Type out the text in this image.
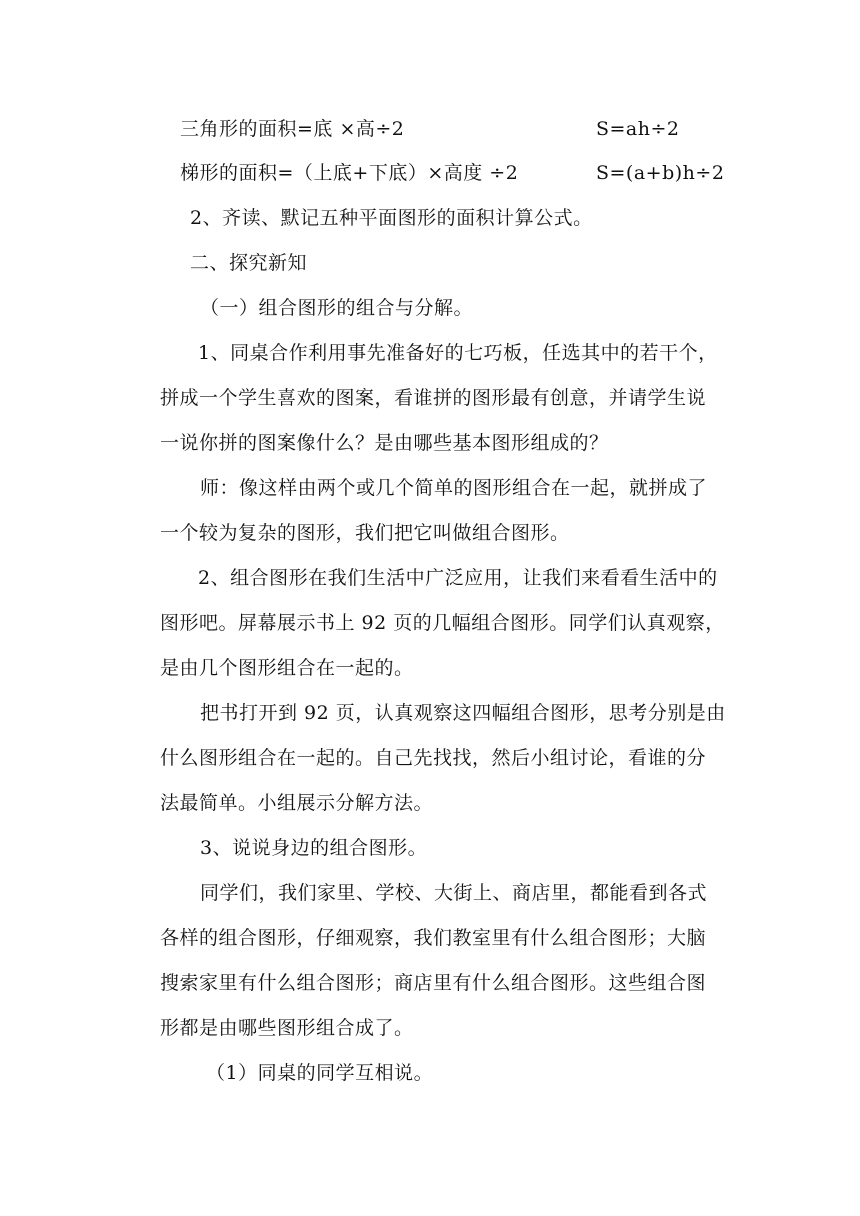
三角形的面积=底 ×高÷2	S=ah÷2
梯形的面积=（上底+下底）×高度 ÷2	S=(a+b)h÷2
2、齐读、默记五种平面图形的面积计算公式。
二、探究新知
（一）组合图形的组合与分解。
1、同桌合作利用事先准备好的七巧板，任选其中的若干个，
拼成一个学生喜欢的图案，看谁拼的图形最有创意，并请学生说
一说你拼的图案像什么？是由哪些基本图形组成的？
师：像这样由两个或几个简单的图形组合在一起，就拼成了
一个较为复杂的图形，我们把它叫做组合图形。
2、组合图形在我们生活中广泛应用，让我们来看看生活中的
图形吧。屏幕展示书上 92 页的几幅组合图形。同学们认真观察，
是由几个图形组合在一起的。
把书打开到 92 页，认真观察这四幅组合图形，思考分别是由
什么图形组合在一起的。自己先找找，然后小组讨论，看谁的分
法最简单。小组展示分解方法。
3、说说身边的组合图形。
同学们，我们家里、学校、大街上、商店里，都能看到各式
各样的组合图形，仔细观察，我们教室里有什么组合图形；大脑
搜索家里有什么组合图形；商店里有什么组合图形。这些组合图
形都是由哪些图形组合成了。
（1）同桌的同学互相说。
